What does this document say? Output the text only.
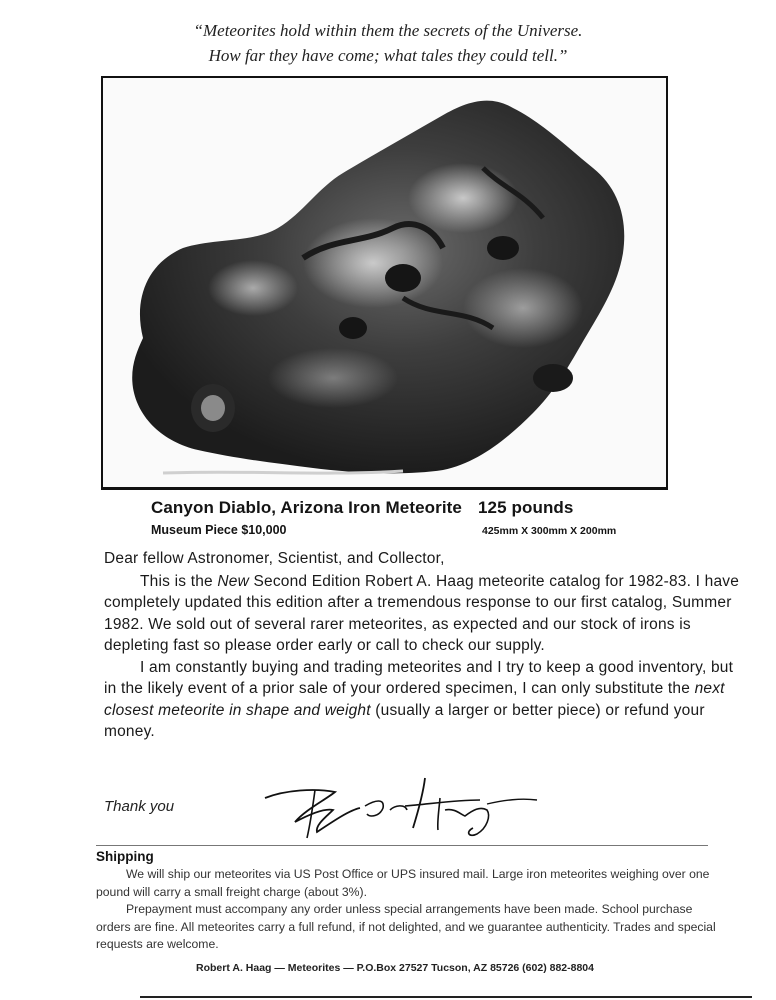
“Meteorites hold within them the secrets of the Universe.
How far they have come; what tales they could tell.”
Canyon Diablo, Arizona Iron Meteorite 125 pounds
Museum Piece $10,000	425mm X 300mm X 200mm

Dear fellow Astronomer, Scientist, and Collector,

This is the New Second Edition Robert A. Haag meteorite catalog for 1982-83. I have completely updated this edition after a tremendous response to our first catalog, Summer 1982. We sold out of several rarer meteorites, as expected and our stock of irons is depleting fast so please order early or call to check our supply.

I am constantly buying and trading meteorites and I try to keep a good inventory, but in the likely event of a prior sale of your ordered specimen, I can only substitute the next closest meteorite in shape and weight (usually a larger or better piece) or refund your money.

Thank you
Shipping

We will ship our meteorites via US Post Office or UPS insured mail. Large iron meteorites weighing over one pound will carry a small freight charge (about 3%).

Prepayment must accompany any order unless special arrangements have been made. School purchase orders are fine. All meteorites carry a full refund, if not delighted, and we guarantee authenticity. Trades and special requests are welcome.

Robert A. Haag — Meteorites — P.O.Box 27527 Tucson, AZ 85726 (602) 882-8804
